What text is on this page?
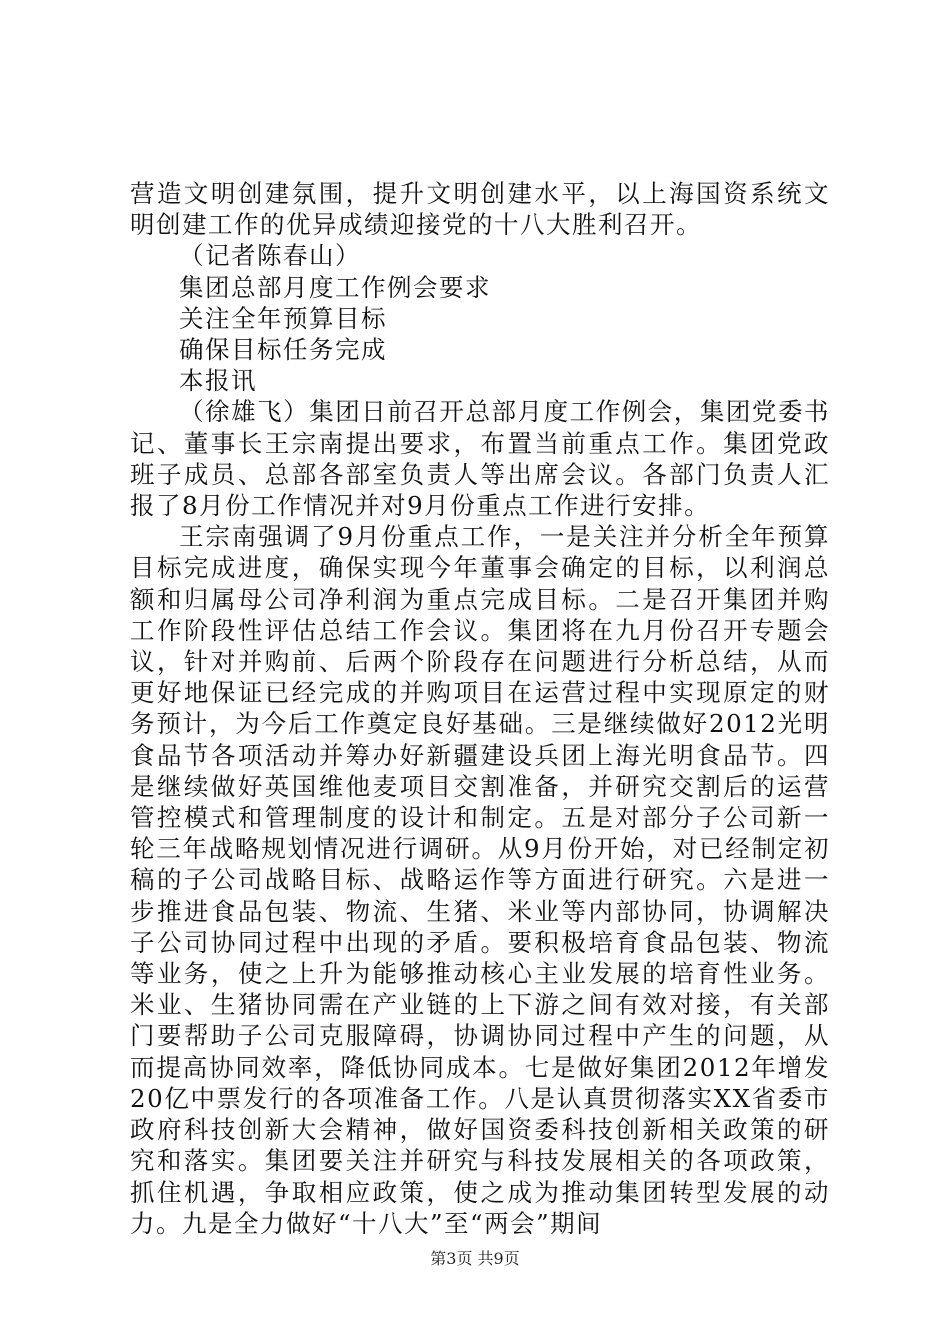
营造文明创建氛围，提升文明创建水平，以上海国资系统文明创建工作的优异成绩迎接党的十八大胜利召开。

（记者陈春山）

集团总部月度工作例会要求

关注全年预算目标

确保目标任务完成

本报讯

（徐雄飞）集团日前召开总部月度工作例会，集团党委书记、董事长王宗南提出要求，布置当前重点工作。集团党政班子成员、总部各部室负责人等出席会议。各部门负责人汇报了8月份工作情况并对9月份重点工作进行安排。

王宗南强调了9月份重点工作，一是关注并分析全年预算目标完成进度，确保实现今年董事会确定的目标，以利润总额和归属母公司净利润为重点完成目标。二是召开集团并购工作阶段性评估总结工作会议。集团将在九月份召开专题会议，针对并购前、后两个阶段存在问题进行分析总结，从而更好地保证已经完成的并购项目在运营过程中实现原定的财务预计，为今后工作奠定良好基础。三是继续做好2012光明食品节各项活动并筹办好新疆建设兵团上海光明食品节。四是继续做好英国维他麦项目交割准备，并研究交割后的运营管控模式和管理制度的设计和制定。五是对部分子公司新一轮三年战略规划情况进行调研。从9月份开始，对已经制定初稿的子公司战略目标、战略运作等方面进行研究。六是进一步推进食品包装、物流、生猪、米业等内部协同，协调解决子公司协同过程中出现的矛盾。要积极培育食品包装、物流等业务，使之上升为能够推动核心主业发展的培育性业务。米业、生猪协同需在产业链的上下游之间有效对接，有关部门要帮助子公司克服障碍，协调协同过程中产生的问题，从而提高协同效率，降低协同成本。七是做好集团2012年增发20亿中票发行的各项准备工作。八是认真贯彻落实XX省委市政府科技创新大会精神，做好国资委科技创新相关政策的研究和落实。集团要关注并研究与科技发展相关的各项政策，抓住机遇，争取相应政策，使之成为推动集团转型发展的动力。九是全力做好“十八大”至“两会”期间

第3页 共9页
